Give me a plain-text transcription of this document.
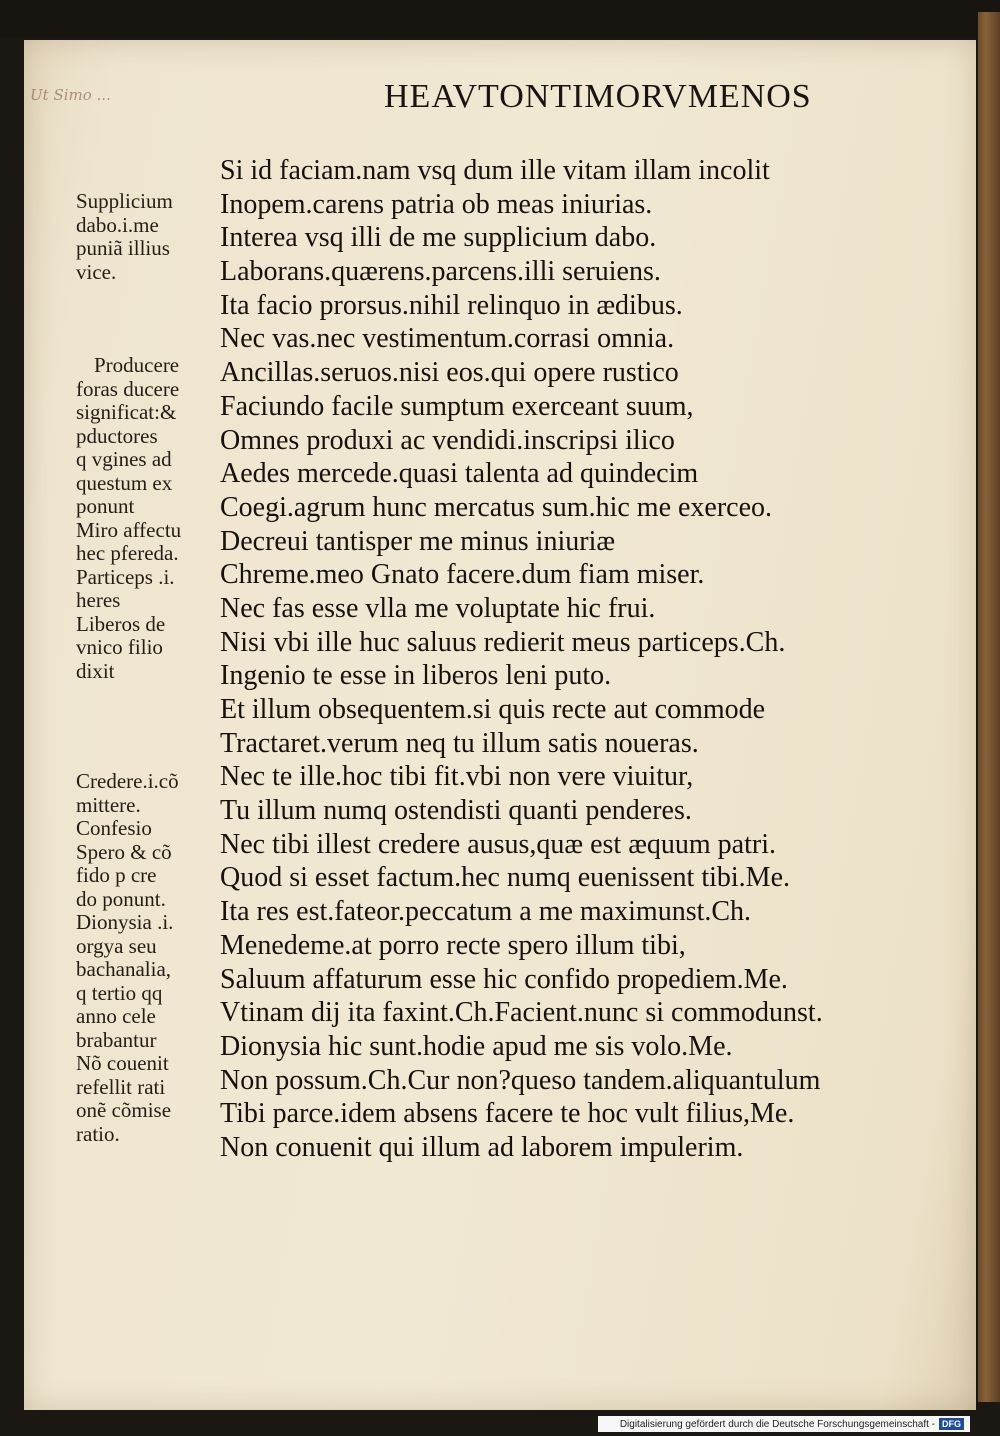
Ut Simo ...	HEAVTONTIMORVMENOS
Supplicium
dabo.i.me
puniã illius
vice.
Producere
foras ducere
significat:&
pductores
q vgines ad
questum ex
ponunt
Miro affectu
hec pfereda.
Particeps .i.
heres
Liberos de
vnico filio
dixit
Credere.i.cõ
mittere.
Confesio
Spero & cõ
fido p cre
do ponunt.
Dionysia .i.
orgya seu
bachanalia,
q tertio qq
anno cele
brabantur
Nõ couenit
refellit rati
onẽ cõmise
ratio.
Si id faciam.nam vsq dum ille vitam illam incolit
Inopem.carens patria ob meas iniurias.
Interea vsq illi de me supplicium dabo.
Laborans.quærens.parcens.illi seruiens.
Ita facio prorsus.nihil relinquo in ædibus.
Nec vas.nec vestimentum.corrasi omnia.
Ancillas.seruos.nisi eos.qui opere rustico
Faciundo facile sumptum exerceant suum,
Omnes produxi ac vendidi.inscripsi ilico
Aedes mercede.quasi talenta ad quindecim
Coegi.agrum hunc mercatus sum.hic me exerceo.
Decreui tantisper me minus iniuriæ
Chreme.meo Gnato facere.dum fiam miser.
Nec fas esse vlla me voluptate hic frui.
Nisi vbi ille huc saluus redierit meus particeps.Ch.
Ingenio te esse in liberos leni puto.
Et illum obsequentem.si quis recte aut commode
Tractaret.verum neq tu illum satis noueras.
Nec te ille.hoc tibi fit.vbi non vere viuitur,
Tu illum numq ostendisti quanti penderes.
Nec tibi illest credere ausus,quæ est æquum patri.
Quod si esset factum.hec numq euenissent tibi.Me.
Ita res est.fateor.peccatum a me maximunst.Ch.
Menedeme.at porro recte spero illum tibi,
Saluum affaturum esse hic confido propediem.Me.
Vtinam dij ita faxint.Ch.Facient.nunc si commodunst.
Dionysia hic sunt.hodie apud me sis volo.Me.
Non possum.Ch.Cur non?queso tandem.aliquantulum
Tibi parce.idem absens facere te hoc vult filius,Me.
Non conuenit qui illum ad laborem impulerim.
Digitalisierung gefördert durch die Deutsche Forschungsgemeinschaft - DFG
